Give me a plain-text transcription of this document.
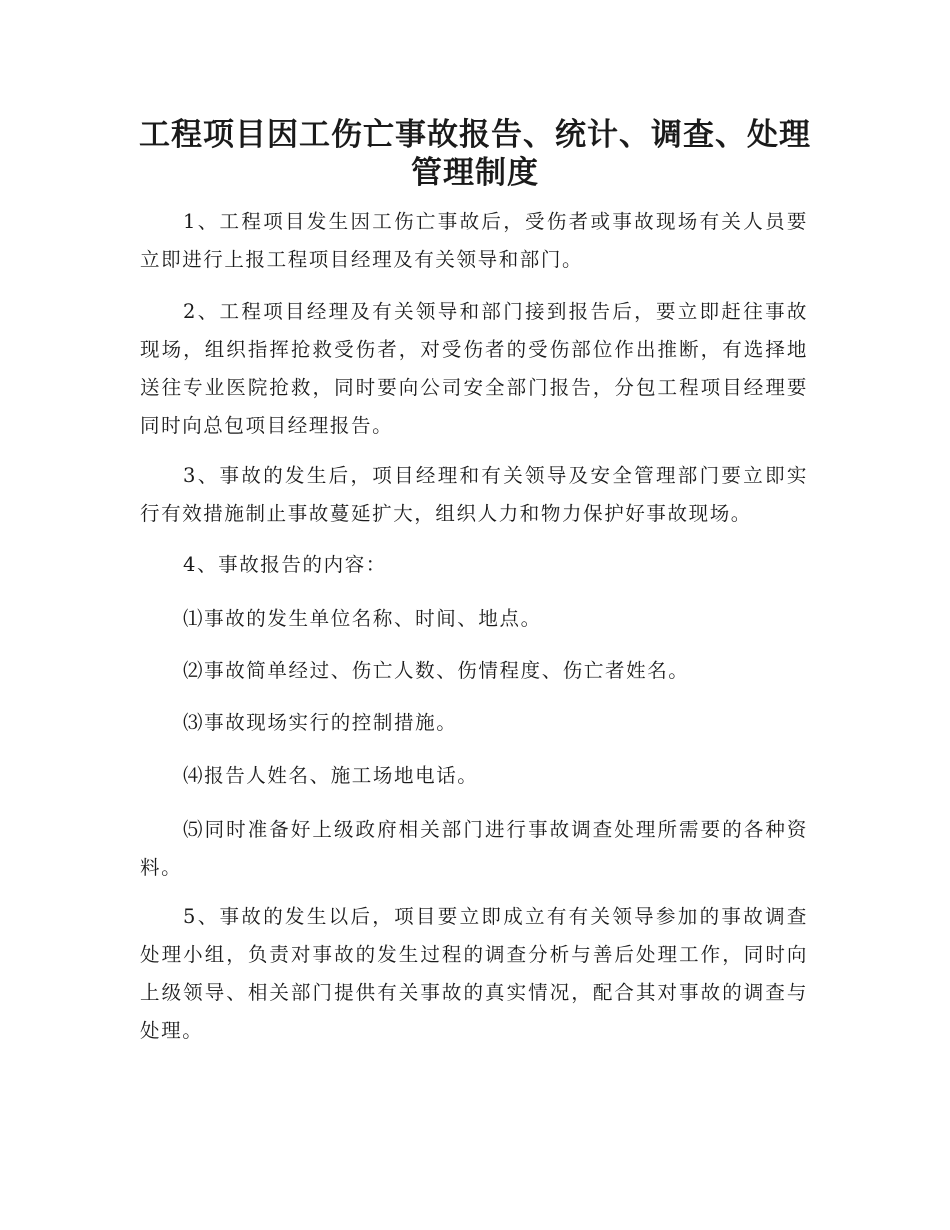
工程项目因工伤亡事故报告、统计、调查、处理
管理制度

1、工程项目发生因工伤亡事故后，受伤者或事故现场有关人员要立即进行上报工程项目经理及有关领导和部门。

2、工程项目经理及有关领导和部门接到报告后，要立即赶往事故现场，组织指挥抢救受伤者，对受伤者的受伤部位作出推断，有选择地送往专业医院抢救，同时要向公司安全部门报告，分包工程项目经理要同时向总包项目经理报告。

3、事故的发生后，项目经理和有关领导及安全管理部门要立即实行有效措施制止事故蔓延扩大，组织人力和物力保护好事故现场。

4、事故报告的内容：

⑴事故的发生单位名称、时间、地点。

⑵事故简单经过、伤亡人数、伤情程度、伤亡者姓名。

⑶事故现场实行的控制措施。

⑷报告人姓名、施工场地电话。

⑸同时准备好上级政府相关部门进行事故调查处理所需要的各种资料。

5、事故的发生以后，项目要立即成立有有关领导参加的事故调查处理小组，负责对事故的发生过程的调查分析与善后处理工作，同时向上级领导、相关部门提供有关事故的真实情况，配合其对事故的调查与处理。
